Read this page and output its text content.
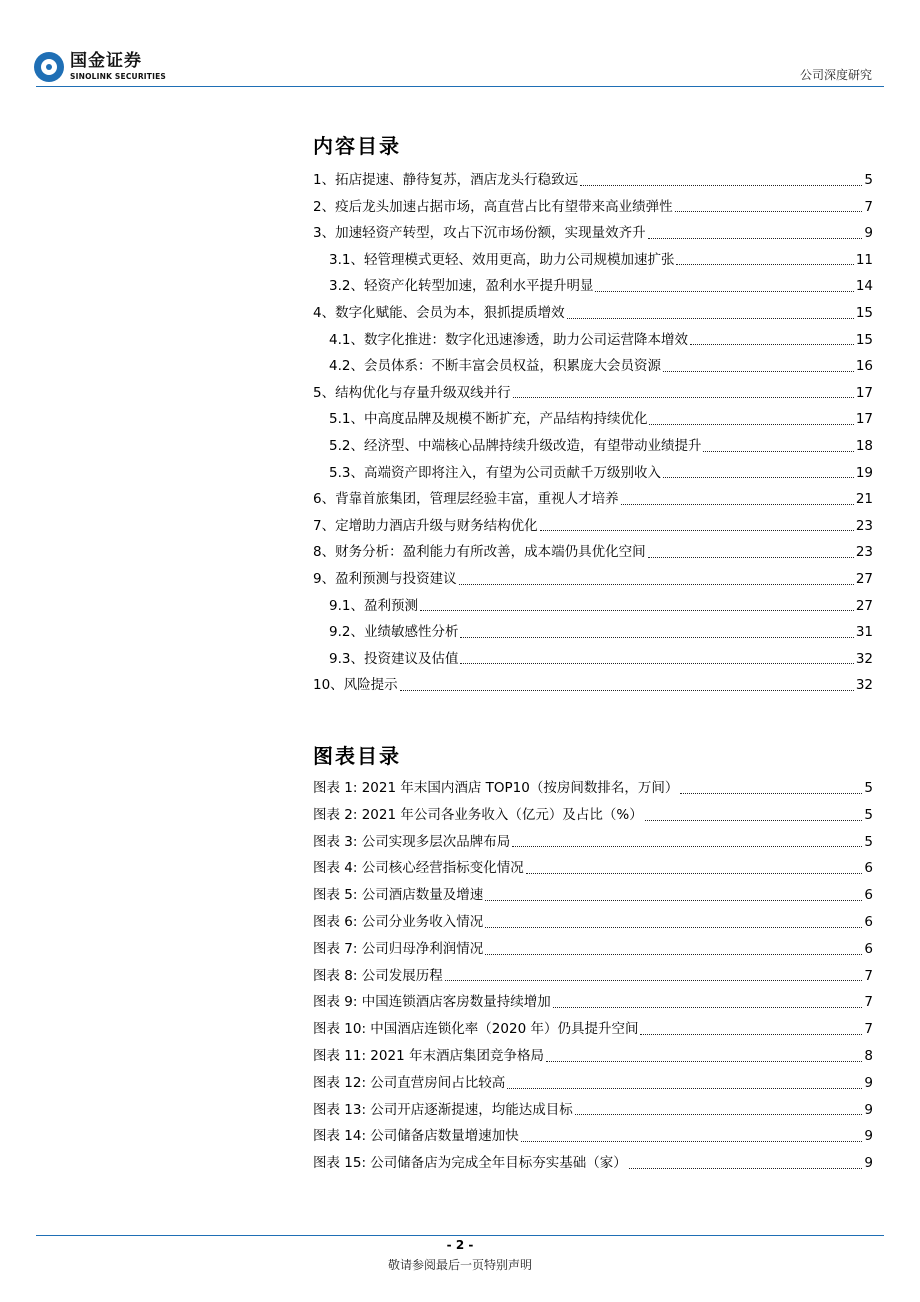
国金证券
SINOLINK SECURITIES	公司深度研究
内容目录
1、拓店提速、静待复苏，酒店龙头行稳致远	5
2、疫后龙头加速占据市场，高直营占比有望带来高业绩弹性	7
3、加速轻资产转型，攻占下沉市场份额，实现量效齐升	9
3.1、轻管理模式更轻、效用更高，助力公司规模加速扩张	11
3.2、轻资产化转型加速，盈利水平提升明显	14
4、数字化赋能、会员为本，狠抓提质增效	15
4.1、数字化推进：数字化迅速渗透，助力公司运营降本增效	15
4.2、会员体系：不断丰富会员权益，积累庞大会员资源	16
5、结构优化与存量升级双线并行	17
5.1、中高度品牌及规模不断扩充，产品结构持续优化	17
5.2、经济型、中端核心品牌持续升级改造，有望带动业绩提升	18
5.3、高端资产即将注入，有望为公司贡献千万级别收入	19
6、背靠首旅集团，管理层经验丰富，重视人才培养	21
7、定增助力酒店升级与财务结构优化	23
8、财务分析：盈利能力有所改善，成本端仍具优化空间	23
9、盈利预测与投资建议	27
9.1、盈利预测	27
9.2、业绩敏感性分析	31
9.3、投资建议及估值	32
10、风险提示	32
图表目录
图表 1: 2021 年末国内酒店 TOP10（按房间数排名，万间）	5
图表 2: 2021 年公司各业务收入（亿元）及占比（%）	5
图表 3: 公司实现多层次品牌布局	5
图表 4: 公司核心经营指标变化情况	6
图表 5: 公司酒店数量及增速	6
图表 6: 公司分业务收入情况	6
图表 7: 公司归母净利润情况	6
图表 8: 公司发展历程	7
图表 9: 中国连锁酒店客房数量持续增加	7
图表 10: 中国酒店连锁化率（2020 年）仍具提升空间	7
图表 11: 2021 年末酒店集团竞争格局	8
图表 12: 公司直营房间占比较高	9
图表 13: 公司开店逐渐提速，均能达成目标	9
图表 14: 公司储备店数量增速加快	9
图表 15: 公司储备店为完成全年目标夯实基础（家）	9
- 2 -
敬请参阅最后一页特别声明
